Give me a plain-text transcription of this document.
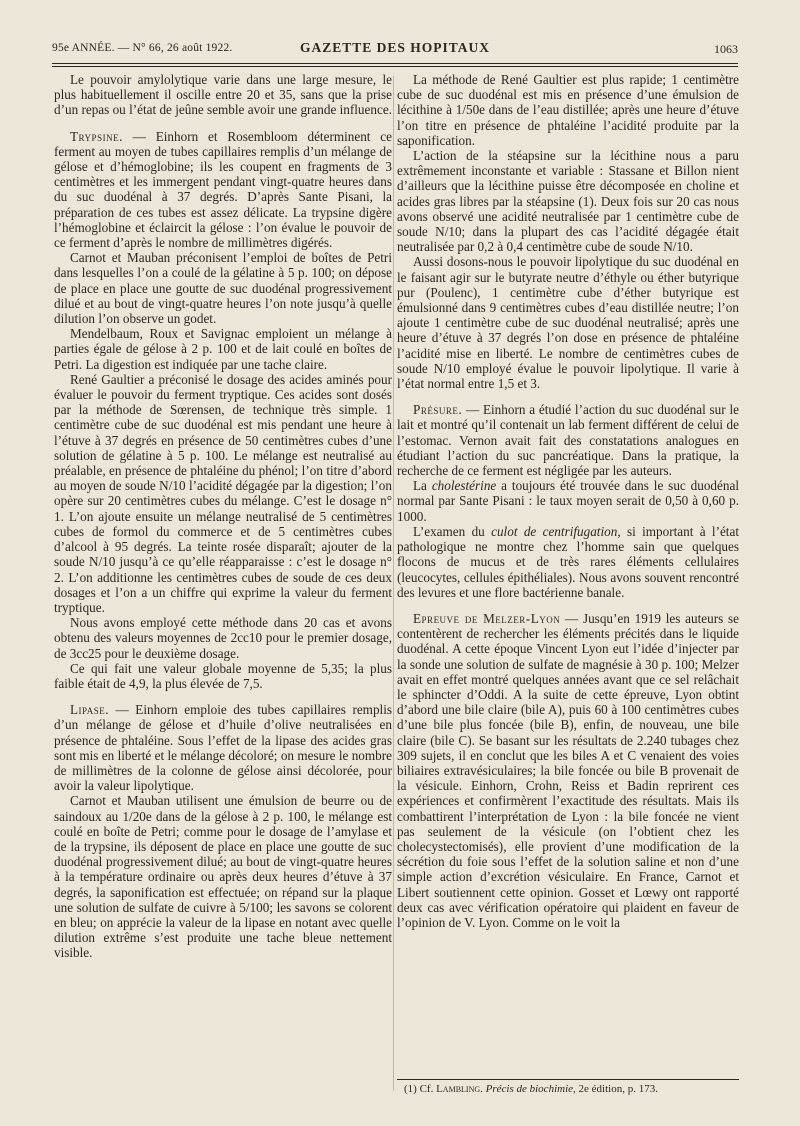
95e ANNÉE. — N° 66, 26 août 1922.	GAZETTE DES HOPITAUX	1063

Le pouvoir amylolytique varie dans une large mesure, le plus habituellement il oscille entre 20 et 35, sans que la prise d’un repas ou l’état de jeûne semble avoir une grande influence.

Trypsine. — Einhorn et Rosembloom déterminent ce ferment au moyen de tubes capillaires remplis d’un mélange de gélose et d’hémoglobine; ils les coupent en fragments de 3 centimètres et les immergent pendant vingt-quatre heures dans du suc duodénal à 37 degrés. D’après Sante Pisani, la préparation de ces tubes est assez délicate. La trypsine digère l’hémoglobine et éclaircit la gélose : l’on évalue le pouvoir de ce ferment d’après le nombre de millimètres digérés.

Carnot et Mauban préconisent l’emploi de boîtes de Petri dans lesquelles l’on a coulé de la gélatine à 5 p. 100; on dépose de place en place une goutte de suc duodénal progressivement dilué et au bout de vingt-quatre heures l’on note jusqu’à quelle dilution l’on observe un godet.

Mendelbaum, Roux et Savignac emploient un mélange à parties égale de gélose à 2 p. 100 et de lait coulé en boîtes de Petri. La digestion est indiquée par une tache claire.

René Gaultier a préconisé le dosage des acides aminés pour évaluer le pouvoir du ferment tryptique. Ces acides sont dosés par la méthode de Sœrensen, de technique très simple. 1 centimètre cube de suc duodénal est mis pendant une heure à l’étuve à 37 degrés en présence de 50 centimètres cubes d’une solution de gélatine à 5 p. 100. Le mélange est neutralisé au préalable, en présence de phtaléine du phénol; l’on titre d’abord au moyen de soude N/10 l’acidité dégagée par la digestion; l’on opère sur 20 centimètres cubes du mélange. C’est le dosage n° 1. L’on ajoute ensuite un mélange neutralisé de 5 centimètres cubes de formol du commerce et de 5 centimètres cubes d’alcool à 95 degrés. La teinte rosée disparaît; ajouter de la soude N/10 jusqu’à ce qu’elle réapparaisse : c’est le dosage n° 2. L’on additionne les centimètres cubes de soude de ces deux dosages et l’on a un chiffre qui exprime la valeur du ferment tryptique.

Nous avons employé cette méthode dans 20 cas et avons obtenu des valeurs moyennes de 2cc10 pour le premier dosage, de 3cc25 pour le deuxième dosage.

Ce qui fait une valeur globale moyenne de 5,35; la plus faible était de 4,9, la plus élevée de 7,5.

Lipase. — Einhorn emploie des tubes capillaires remplis d’un mélange de gélose et d’huile d’olive neutralisées en présence de phtaléine. Sous l’effet de la lipase des acides gras sont mis en liberté et le mélange décoloré; on mesure le nombre de millimètres de la colonne de gélose ainsi décolorée, pour avoir la valeur lipolytique.

Carnot et Mauban utilisent une émulsion de beurre ou de saindoux au 1/20e dans de la gélose à 2 p. 100, le mélange est coulé en boîte de Petri; comme pour le dosage de l’amylase et de la trypsine, ils déposent de place en place une goutte de suc duodénal progressivement dilué; au bout de vingt-quatre heures à la température ordinaire ou après deux heures d’étuve à 37 degrés, la saponification est effectuée; on répand sur la plaque une solution de sulfate de cuivre à 5/100; les savons se colorent en bleu; on apprécie la valeur de la lipase en notant avec quelle dilution extrême s’est produite une tache bleue nettement visible.

La méthode de René Gaultier est plus rapide; 1 centimètre cube de suc duodénal est mis en présence d’une émulsion de lécithine à 1/50e dans de l’eau distillée; après une heure d’étuve l’on titre en présence de phtaléine l’acidité produite par la saponification.

L’action de la stéapsine sur la lécithine nous a paru extrêmement inconstante et variable : Stassane et Billon nient d’ailleurs que la lécithine puisse être décomposée en choline et acides gras libres par la stéapsine (1). Deux fois sur 20 cas nous avons observé une acidité neutralisée par 1 centimètre cube de soude N/10; dans la plupart des cas l’acidité dégagée était neutralisée par 0,2 à 0,4 centimètre cube de soude N/10.

Aussi dosons-nous le pouvoir lipolytique du suc duodénal en le faisant agir sur le butyrate neutre d’éthyle ou éther butyrique pur (Poulenc), 1 centimètre cube d’éther butyrique est émulsionné dans 9 centimètres cubes d’eau distillée neutre; l’on ajoute 1 centimètre cube de suc duodénal neutralisé; après une heure d’étuve à 37 degrés l’on dose en présence de phtaléine l’acidité mise en liberté. Le nombre de centimètres cubes de soude N/10 employé évalue le pouvoir lipolytique. Il varie à l’état normal entre 1,5 et 3.

Présure. — Einhorn a étudié l’action du suc duodénal sur le lait et montré qu’il contenait un lab ferment différent de celui de l’estomac. Vernon avait fait des constatations analogues en étudiant l’action du suc pancréatique. Dans la pratique, la recherche de ce ferment est négligée par les auteurs.

La cholestérine a toujours été trouvée dans le suc duodénal normal par Sante Pisani : le taux moyen serait de 0,50 à 0,60 p. 1000.

L’examen du culot de centrifugation, si important à l’état pathologique ne montre chez l’homme sain que quelques flocons de mucus et de très rares éléments cellulaires (leucocytes, cellules épithéliales). Nous avons souvent rencontré des levures et une flore bactérienne banale.

Epreuve de Melzer-Lyon — Jusqu’en 1919 les auteurs se contentèrent de rechercher les éléments précités dans le liquide duodénal. A cette époque Vincent Lyon eut l’idée d’injecter par la sonde une solution de sulfate de magnésie à 30 p. 100; Melzer avait en effet montré quelques années avant que ce sel relâchait le sphincter d’Oddi. A la suite de cette épreuve, Lyon obtint d’abord une bile claire (bile A), puis 60 à 100 centimètres cubes d’une bile plus foncée (bile B), enfin, de nouveau, une bile claire (bile C). Se basant sur les résultats de 2.240 tubages chez 309 sujets, il en conclut que les biles A et C venaient des voies biliaires extravésiculaires; la bile foncée ou bile B provenait de la vésicule. Einhorn, Crohn, Reiss et Badin reprirent ces expériences et confirmèrent l’exactitude des résultats. Mais ils combattirent l’interprétation de Lyon : la bile foncée ne vient pas seulement de la vésicule (on l’obtient chez les cholecystectomisés), elle provient d’une modification de la sécrétion du foie sous l’effet de la solution saline et non d’une simple action d’excrétion vésiculaire. En France, Carnot et Libert soutiennent cette opinion. Gosset et Lœwy ont rapporté deux cas avec vérification opératoire qui plaident en faveur de l’opinion de V. Lyon. Comme on le voit la

(1) Cf. Lambling. Précis de biochimie, 2e édition, p. 173.
